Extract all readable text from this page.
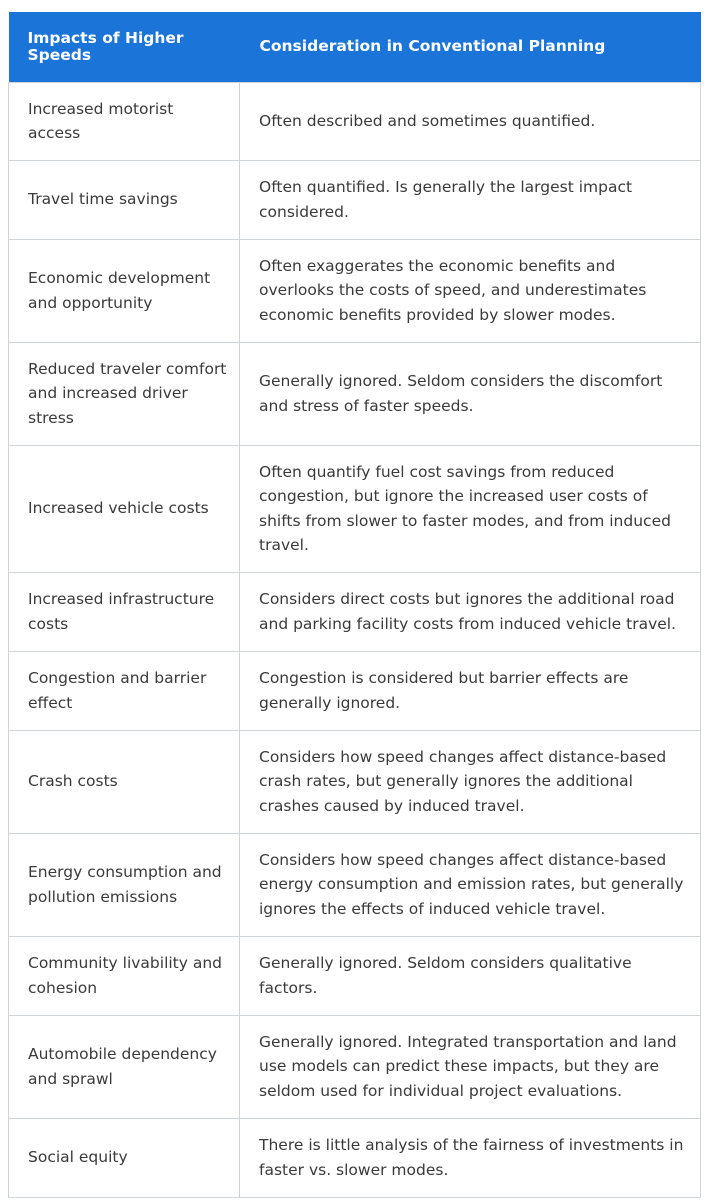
Impacts of Higher Speeds	Consideration in Conventional Planning
Increased motorist access	Often described and sometimes quantified.
Travel time savings	Often quantified. Is generally the largest impact considered.
Economic development and opportunity	Often exaggerates the economic benefits and overlooks the costs of speed, and underestimates economic benefits provided by slower modes.
Reduced traveler comfort and increased driver stress	Generally ignored. Seldom considers the discomfort and stress of faster speeds.
Increased vehicle costs	Often quantify fuel cost savings from reduced congestion, but ignore the increased user costs of shifts from slower to faster modes, and from induced travel.
Increased infrastructure costs	Considers direct costs but ignores the additional road and parking facility costs from induced vehicle travel.
Congestion and barrier effect	Congestion is considered but barrier effects are generally ignored.
Crash costs	Considers how speed changes affect distance-based crash rates, but generally ignores the additional crashes caused by induced travel.
Energy consumption and pollution emissions	Considers how speed changes affect distance-based energy consumption and emission rates, but generally ignores the effects of induced vehicle travel.
Community livability and cohesion	Generally ignored. Seldom considers qualitative factors.
Automobile dependency and sprawl	Generally ignored. Integrated transportation and land use models can predict these impacts, but they are seldom used for individual project evaluations.
Social equity	There is little analysis of the fairness of investments in faster vs. slower modes.
